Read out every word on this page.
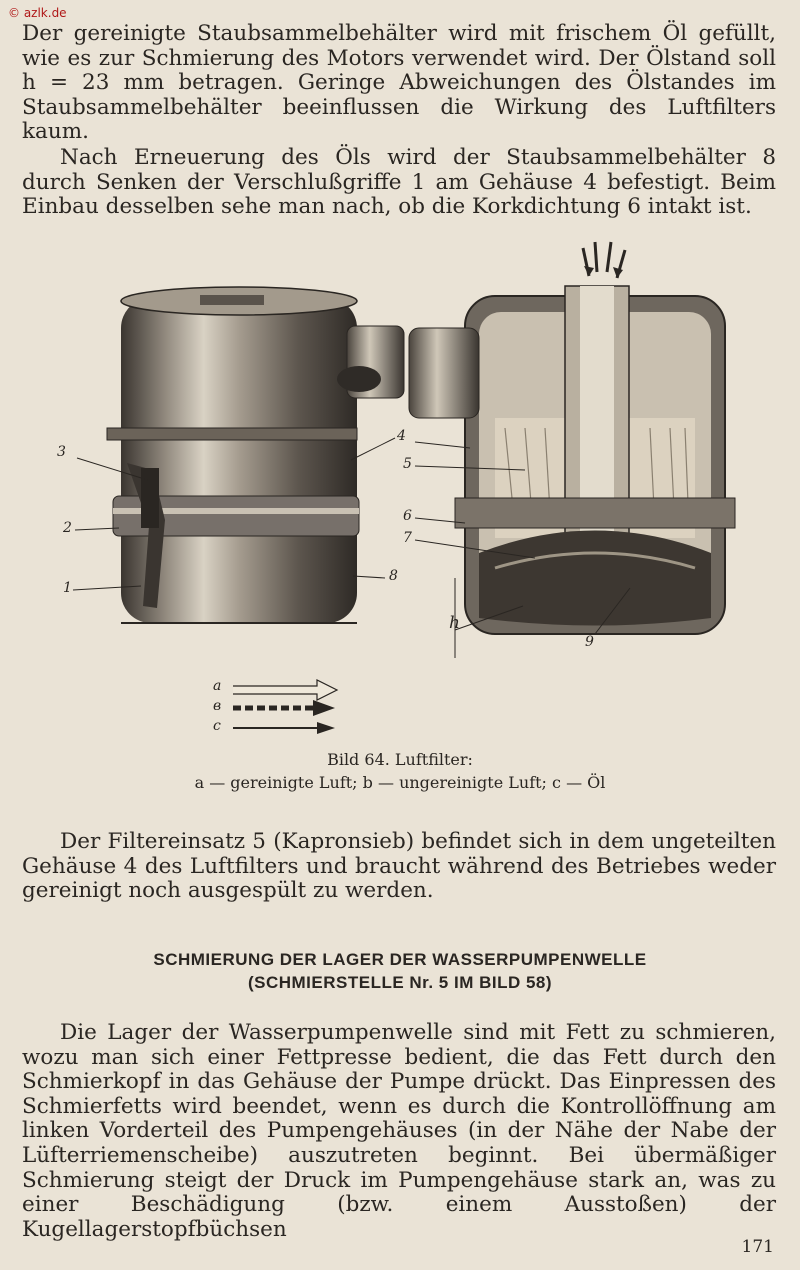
© azlk.de

Der gereinigte Staubsammelbehälter wird mit frischem Öl gefüllt, wie es zur Schmierung des Motors verwendet wird. Der Ölstand soll h = 23 mm betragen. Geringe Abweichungen des Ölstandes im Staubsammelbehälter beeinflussen die Wirkung des Luftfilters kaum.

Nach Erneuerung des Öls wird der Staubsammelbehälter 8 durch Senken der Verschlußgriffe 1 am Gehäuse 4 befestigt. Beim Einbau desselben sehe man nach, ob die Korkdichtung 6 intakt ist.

3
2
1
4
5
6
7
8
9
h
a
в
c
Bild 64. Luftfilter:
a — gereinigte Luft; b — ungereinigte Luft; c — Öl

Der Filtereinsatz 5 (Kapronsieb) befindet sich in dem ungeteilten Gehäuse 4 des Luftfilters und braucht während des Betriebes weder gereinigt noch ausgespült zu werden.

SCHMIERUNG DER LAGER DER WASSERPUMPENWELLE
(SCHMIERSTELLE Nr. 5 IM BILD 58)

Die Lager der Wasserpumpenwelle sind mit Fett zu schmieren, wozu man sich einer Fettpresse bedient, die das Fett durch den Schmierkopf in das Gehäuse der Pumpe drückt. Das Einpressen des Schmierfetts wird beendet, wenn es durch die Kontrollöffnung am linken Vorderteil des Pumpengehäuses (in der Nähe der Nabe der Lüfterriemenscheibe) auszutreten beginnt. Bei übermäßiger Schmierung steigt der Druck im Pumpengehäuse stark an, was zu einer Beschädigung (bzw. einem Ausstoßen) der Kugellagerstopfbüchsen

171
